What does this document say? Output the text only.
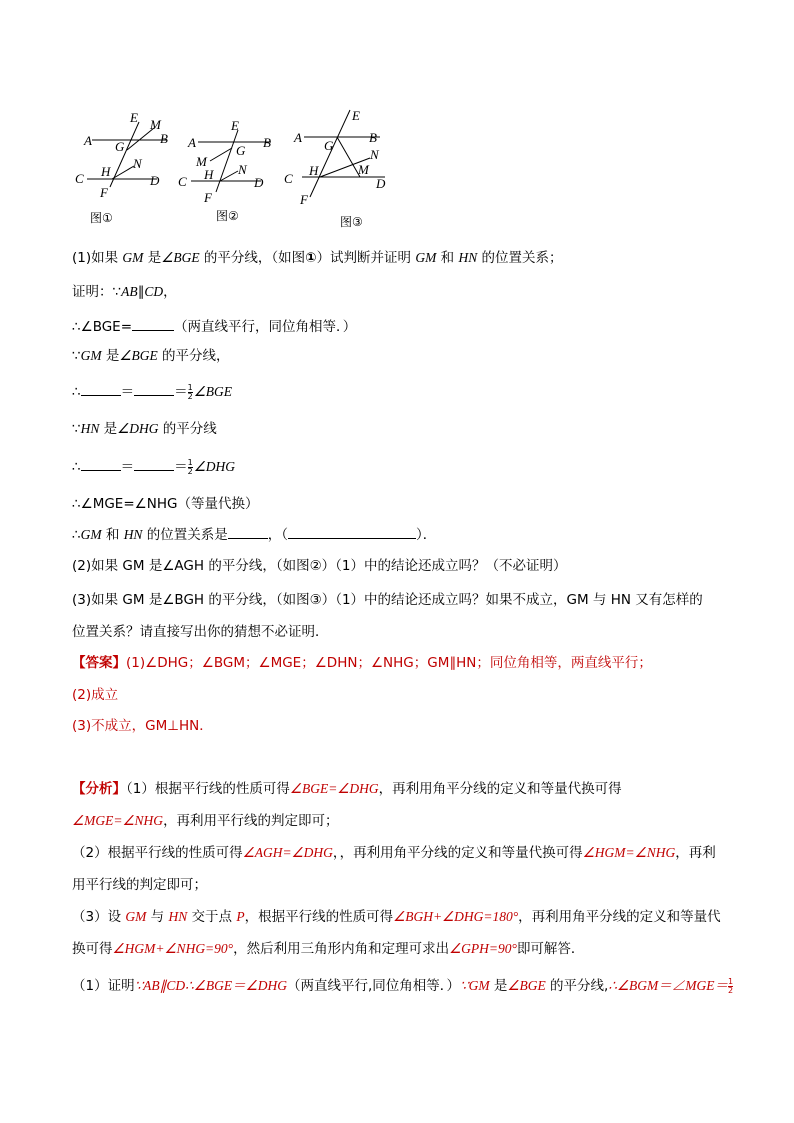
A	B
C	D
E
F
G
H
M
N
图①
A	B
C	D
E
F
G
H
M
N
图②
A	B
C	D
E
F
G
H	M
N
图③
(1)如果 GM 是∠BGE 的平分线，（如图①）试判断并证明 GM 和 HN 的位置关系；
证明：∵AB∥CD，
∴∠BGE=	（两直线平行，同位角相等．）
∵GM 是∠BGE 的平分线，
∴	＝	＝ $\frac{1}{2}$ ∠BGE
∵HN 是∠DHG 的平分线
∴	＝	＝ $\frac{1}{2}$ ∠DHG
∴∠MGE=∠NHG（等量代换）
∴GM 和 HN 的位置关系是	，（	）．
(2)如果 GM 是∠AGH 的平分线，（如图②）（1）中的结论还成立吗？（不必证明）
(3)如果 GM 是∠BGH 的平分线，（如图③）（1）中的结论还成立吗？如果不成立，GM 与 HN 又有怎样的
位置关系？请直接写出你的猜想不必证明．
【答案】(1)∠DHG；∠BGM；∠MGE；∠DHN；∠NHG；GM∥HN；同位角相等，两直线平行；
(2)成立
(3)不成立，GM⊥HN．
【分析】（1）根据平行线的性质可得∠BGE=∠DHG，再利用角平分线的定义和等量代换可得
∠MGE=∠NHG，再利用平行线的判定即可；
（2）根据平行线的性质可得∠AGH=∠DHG，，再利用角平分线的定义和等量代换可得∠HGM=∠NHG，再利
用平行线的判定即可；
（3）设 GM 与 HN 交于点 P，根据平行线的性质可得∠BGH+∠DHG=180°，再利用角平分线的定义和等量代
换可得∠HGM+∠NHG=90°，然后利用三角形内角和定理可求出∠GPH=90°即可解答．
（1）证明∵AB∥CD∴∠BGE＝∠DHG（两直线平行,同位角相等．）∵GM 是∠BGE 的平分线,∴∠BGM＝∠MGE＝ $\frac{1}{2}$
